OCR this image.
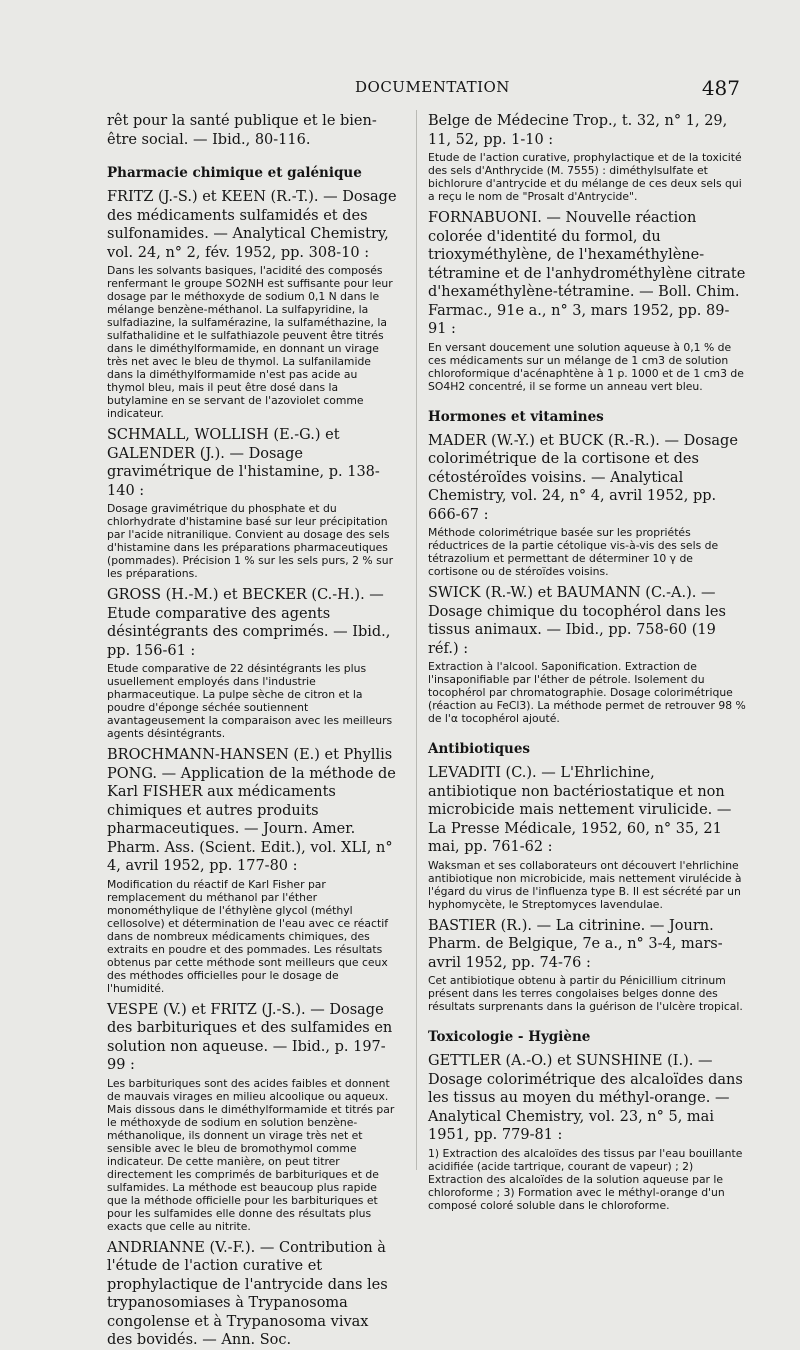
DOCUMENTATION	487

rêt pour la santé publique et le bien-être social. — Ibid., 80-116.

Pharmacie chimique et galénique

FRITZ (J.-S.) et KEEN (R.-T.). — Dosage des médicaments sulfamidés et des sulfonamides. — Analytical Chemistry, vol. 24, n° 2, fév. 1952, pp. 308-10 :

Dans les solvants basiques, l'acidité des composés renfermant le groupe SO2NH est suffisante pour leur dosage par le méthoxyde de sodium 0,1 N dans le mélange benzène-méthanol. La sulfapyridine, la sulfadiazine, la sulfamérazine, la sulfaméthazine, la sulfathalidine et le sulfathiazole peuvent être titrés dans le diméthylformamide, en donnant un virage très net avec le bleu de thymol. La sulfanilamide dans la diméthylformamide n'est pas acide au thymol bleu, mais il peut être dosé dans la butylamine en se servant de l'azoviolet comme indicateur.

SCHMALL, WOLLISH (E.-G.) et GALENDER (J.). — Dosage gravimétrique de l'histamine, p. 138-140 :

Dosage gravimétrique du phosphate et du chlorhydrate d'histamine basé sur leur précipitation par l'acide nitranilique. Convient au dosage des sels d'histamine dans les préparations pharmaceutiques (pommades). Précision 1 % sur les sels purs, 2 % sur les préparations.

GROSS (H.-M.) et BECKER (C.-H.). — Etude comparative des agents désintégrants des comprimés. — Ibid., pp. 156-61 :

Etude comparative de 22 désintégrants les plus usuellement employés dans l'industrie pharmaceutique. La pulpe sèche de citron et la poudre d'éponge séchée soutiennent avantageusement la comparaison avec les meilleurs agents désintégrants.

BROCHMANN-HANSEN (E.) et Phyllis PONG. — Application de la méthode de Karl FISHER aux médicaments chimiques et autres produits pharmaceutiques. — Journ. Amer. Pharm. Ass. (Scient. Edit.), vol. XLI, n° 4, avril 1952, pp. 177-80 :

Modification du réactif de Karl Fisher par remplacement du méthanol par l'éther monométhylique de l'éthylène glycol (méthyl cellosolve) et détermination de l'eau avec ce réactif dans de nombreux médicaments chimiques, des extraits en poudre et des pommades. Les résultats obtenus par cette méthode sont meilleurs que ceux des méthodes officielles pour le dosage de l'humidité.

VESPE (V.) et FRITZ (J.-S.). — Dosage des barbituriques et des sulfamides en solution non aqueuse. — Ibid., p. 197-99 :

Les barbituriques sont des acides faibles et donnent de mauvais virages en milieu alcoolique ou aqueux. Mais dissous dans le diméthylformamide et titrés par le méthoxyde de sodium en solution benzène-méthanolique, ils donnent un virage très net et sensible avec le bleu de bromothymol comme indicateur. De cette manière, on peut titrer directement les comprimés de barbituriques et de sulfamides. La méthode est beaucoup plus rapide que la méthode officielle pour les barbituriques et pour les sulfamides elle donne des résultats plus exacts que celle au nitrite.

ANDRIANNE (V.-F.). — Contribution à l'étude de l'action curative et prophylactique de l'antrycide dans les trypanosomiases à Trypanosoma congolense et à Trypanosoma vivax des bovidés. — Ann. Soc.

Belge de Médecine Trop., t. 32, n° 1, 29, 11, 52, pp. 1-10 :

Etude de l'action curative, prophylactique et de la toxicité des sels d'Anthrycide (M. 7555) : diméthylsulfate et bichlorure d'antrycide et du mélange de ces deux sels qui a reçu le nom de "Prosalt d'Antrycide".

FORNABUONI. — Nouvelle réaction colorée d'identité du formol, du trioxyméthylène, de l'hexaméthylène-tétramine et de l'anhydrométhylène citrate d'hexaméthylène-tétramine. — Boll. Chim. Farmac., 91e a., n° 3, mars 1952, pp. 89-91 :

En versant doucement une solution aqueuse à 0,1 % de ces médicaments sur un mélange de 1 cm3 de solution chloroformique d'acénaphtène à 1 p. 1000 et de 1 cm3 de SO4H2 concentré, il se forme un anneau vert bleu.

Hormones et vitamines

MADER (W.-Y.) et BUCK (R.-R.). — Dosage colorimétrique de la cortisone et des cétostéroïdes voisins. — Analytical Chemistry, vol. 24, n° 4, avril 1952, pp. 666-67 :

Méthode colorimétrique basée sur les propriétés réductrices de la partie cétolique vis-à-vis des sels de tétrazolium et permettant de déterminer 10 γ de cortisone ou de stéroïdes voisins.

SWICK (R.-W.) et BAUMANN (C.-A.). — Dosage chimique du tocophérol dans les tissus animaux. — Ibid., pp. 758-60 (19 réf.) :

Extraction à l'alcool. Saponification. Extraction de l'insaponifiable par l'éther de pétrole. Isolement du tocophérol par chromatographie. Dosage colorimétrique (réaction au FeCl3). La méthode permet de retrouver 98 % de l'α tocophérol ajouté.

Antibiotiques

LEVADITI (C.). — L'Ehrlichine, antibiotique non bactériostatique et non microbicide mais nettement virulicide. — La Presse Médicale, 1952, 60, n° 35, 21 mai, pp. 761-62 :

Waksman et ses collaborateurs ont découvert l'ehrlichine antibiotique non microbicide, mais nettement virulécide à l'égard du virus de l'influenza type B. Il est sécrété par un hyphomycète, le Streptomyces lavendulae.

BASTIER (R.). — La citrinine. — Journ. Pharm. de Belgique, 7e a., n° 3-4, mars-avril 1952, pp. 74-76 :

Cet antibiotique obtenu à partir du Pénicillium citrinum présent dans les terres congolaises belges donne des résultats surprenants dans la guérison de l'ulcère tropical.

Toxicologie - Hygiène

GETTLER (A.-O.) et SUNSHINE (I.). — Dosage colorimétrique des alcaloïdes dans les tissus au moyen du méthyl-orange. — Analytical Chemistry, vol. 23, n° 5, mai 1951, pp. 779-81 :

1) Extraction des alcaloïdes des tissus par l'eau bouillante acidifiée (acide tartrique, courant de vapeur) ; 2) Extraction des alcaloïdes de la solution aqueuse par le chloroforme ; 3) Formation avec le méthyl-orange d'un composé coloré soluble dans le chloroforme.
